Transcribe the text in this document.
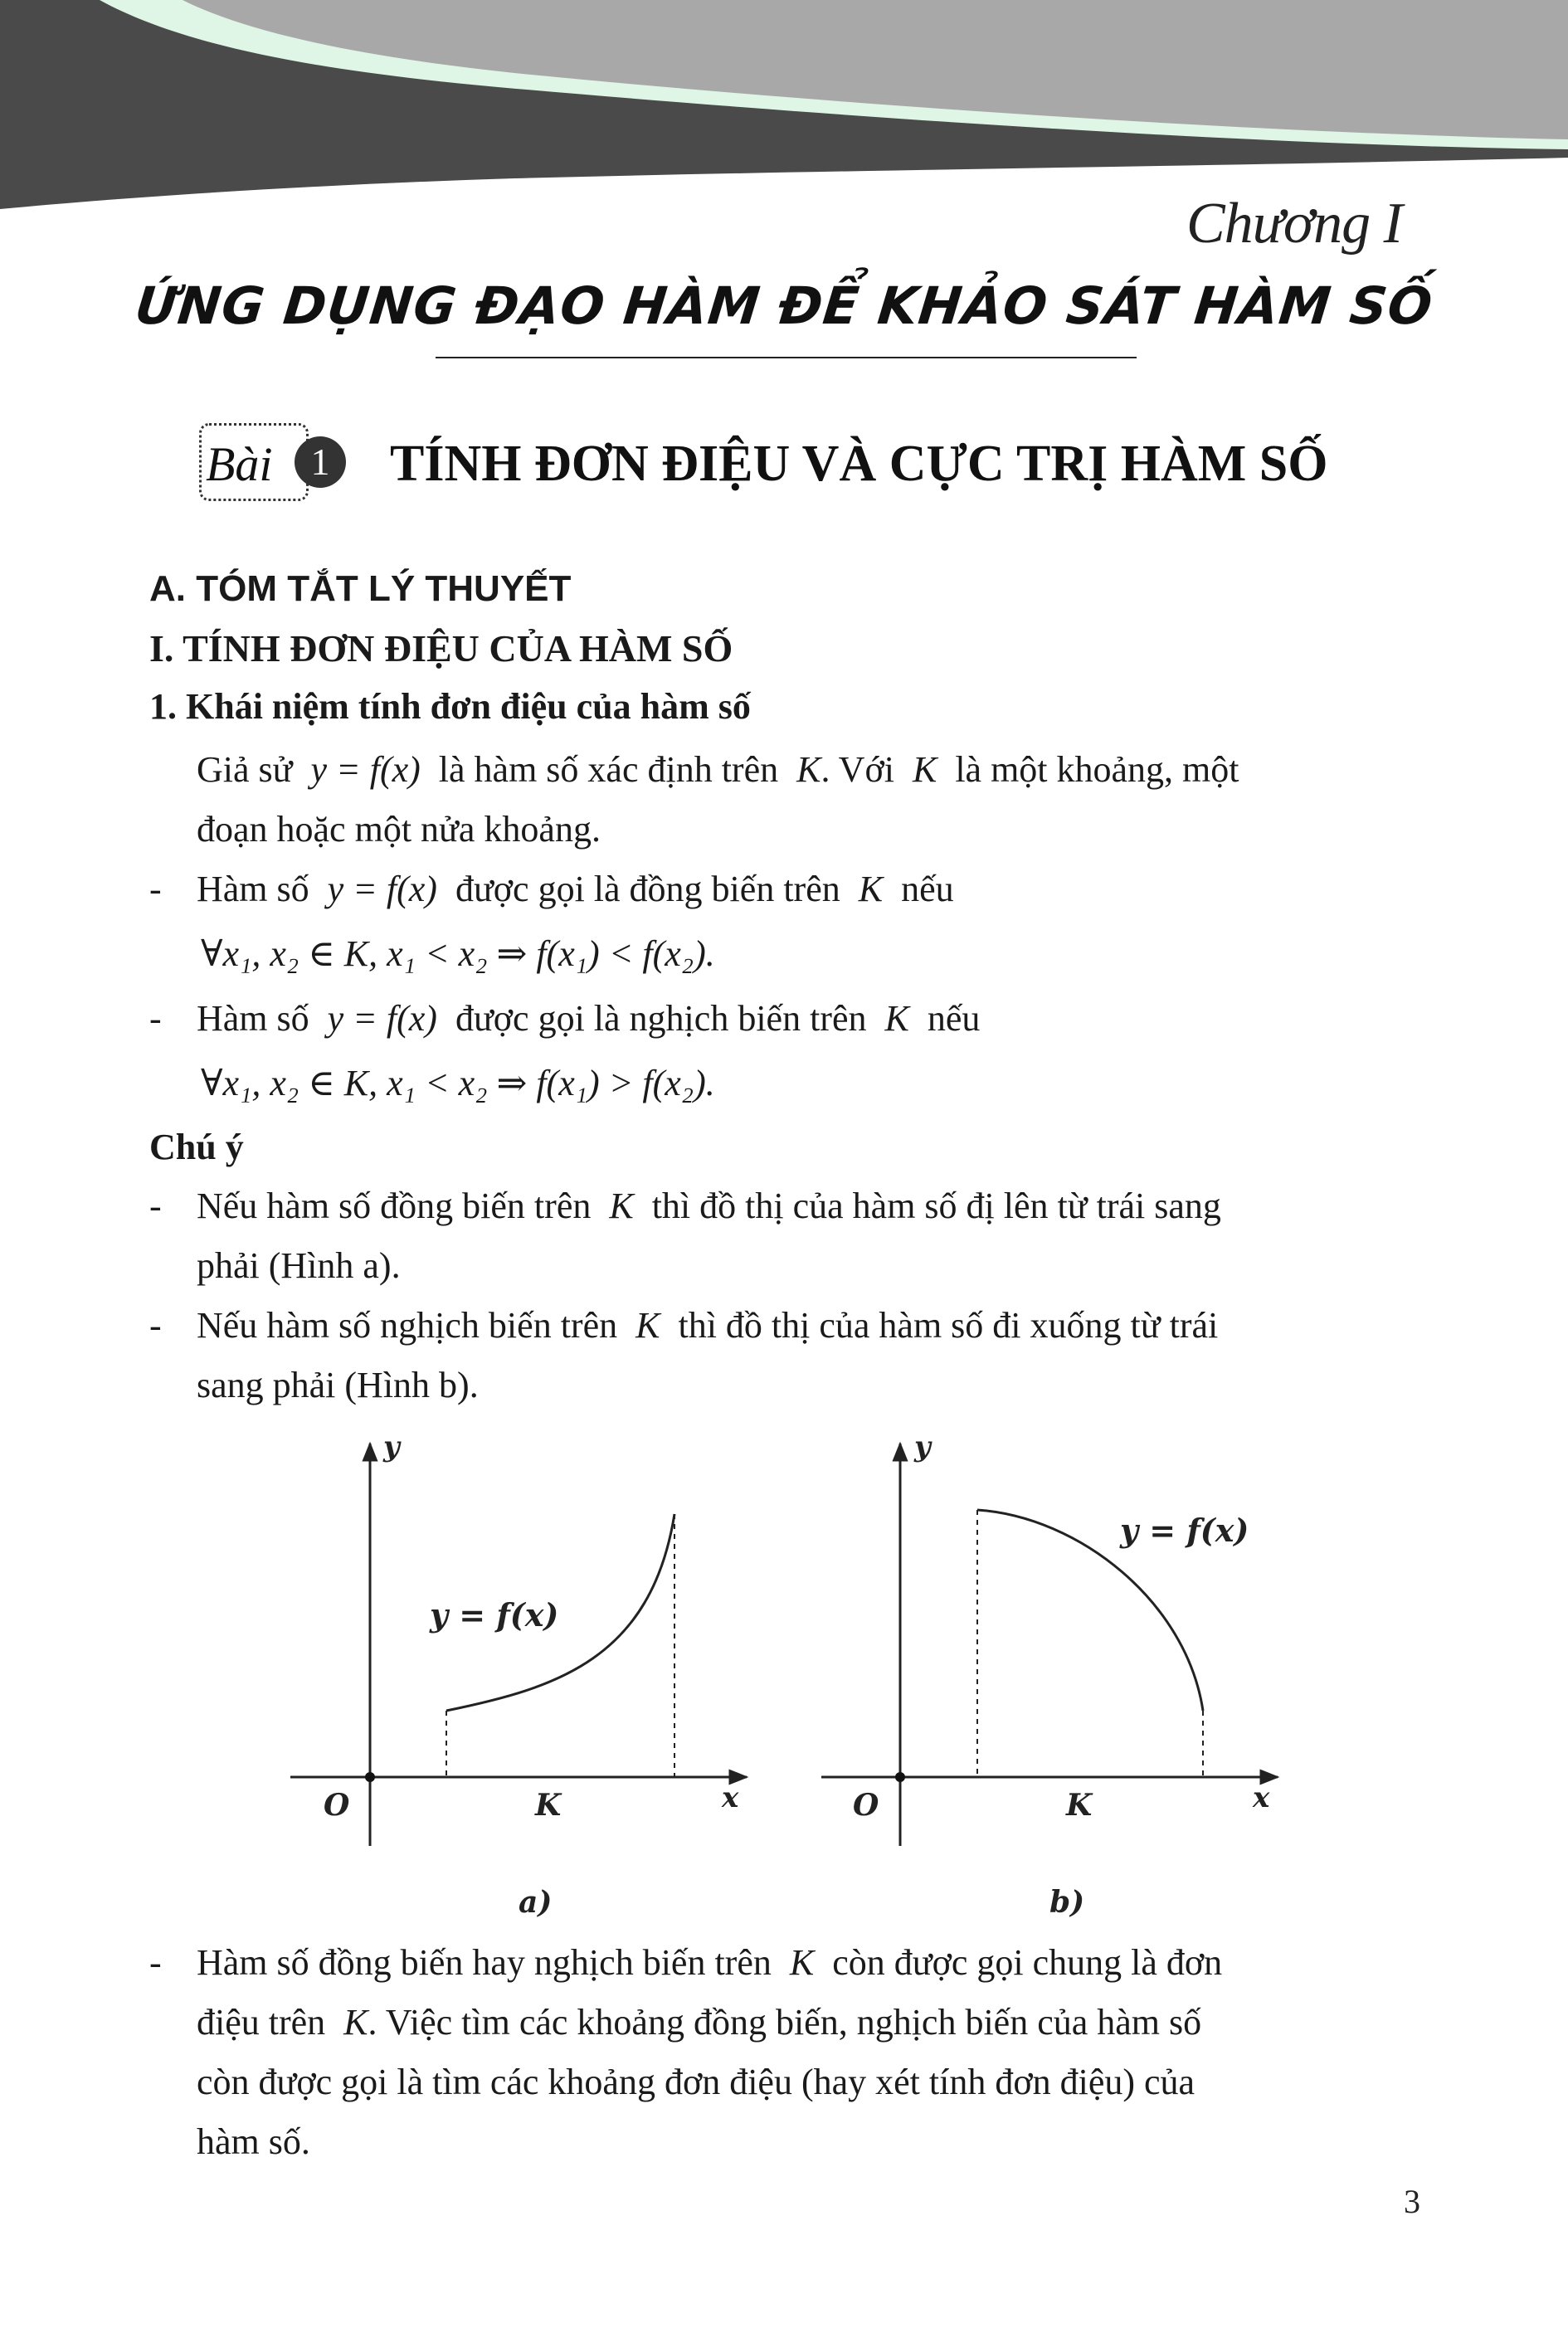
Chương I
ỨNG DỤNG ĐẠO HÀM ĐỂ KHẢO SÁT HÀM SỐ
Bài 1	TÍNH ĐƠN ĐIỆU VÀ CỰC TRỊ HÀM SỐ

A. TÓM TẮT LÝ THUYẾT

I. TÍNH ĐƠN ĐIỆU CỦA HÀM SỐ

1. Khái niệm tính đơn điệu của hàm số

Giả sử y = f(x) là hàm số xác định trên K. Với K là một khoảng, một
đoạn hoặc một nửa khoảng.

- Hàm số y = f(x) được gọi là đồng biến trên K nếu

∀x₁, x₂ ∈ K, x₁ < x₂ ⇒ f(x₁) < f(x₂).

- Hàm số y = f(x) được gọi là nghịch biến trên K nếu

∀x₁, x₂ ∈ K, x₁ < x₂ ⇒ f(x₁) > f(x₂).

Chú ý

- Nếu hàm số đồng biến trên K thì đồ thị của hàm số đị lên từ trái sang
phải (Hình a).

- Nếu hàm số nghịch biến trên K thì đồ thị của hàm số đi xuống từ trái
sang phải (Hình b).

y
x
O	K
y = f(x)
a)
y
x
O	K
y = f(x)
b)

- Hàm số đồng biến hay nghịch biến trên K còn được gọi chung là đơn
điệu trên K. Việc tìm các khoảng đồng biến, nghịch biến của hàm số
còn được gọi là tìm các khoảng đơn điệu (hay xét tính đơn điệu) của
hàm số.

3
